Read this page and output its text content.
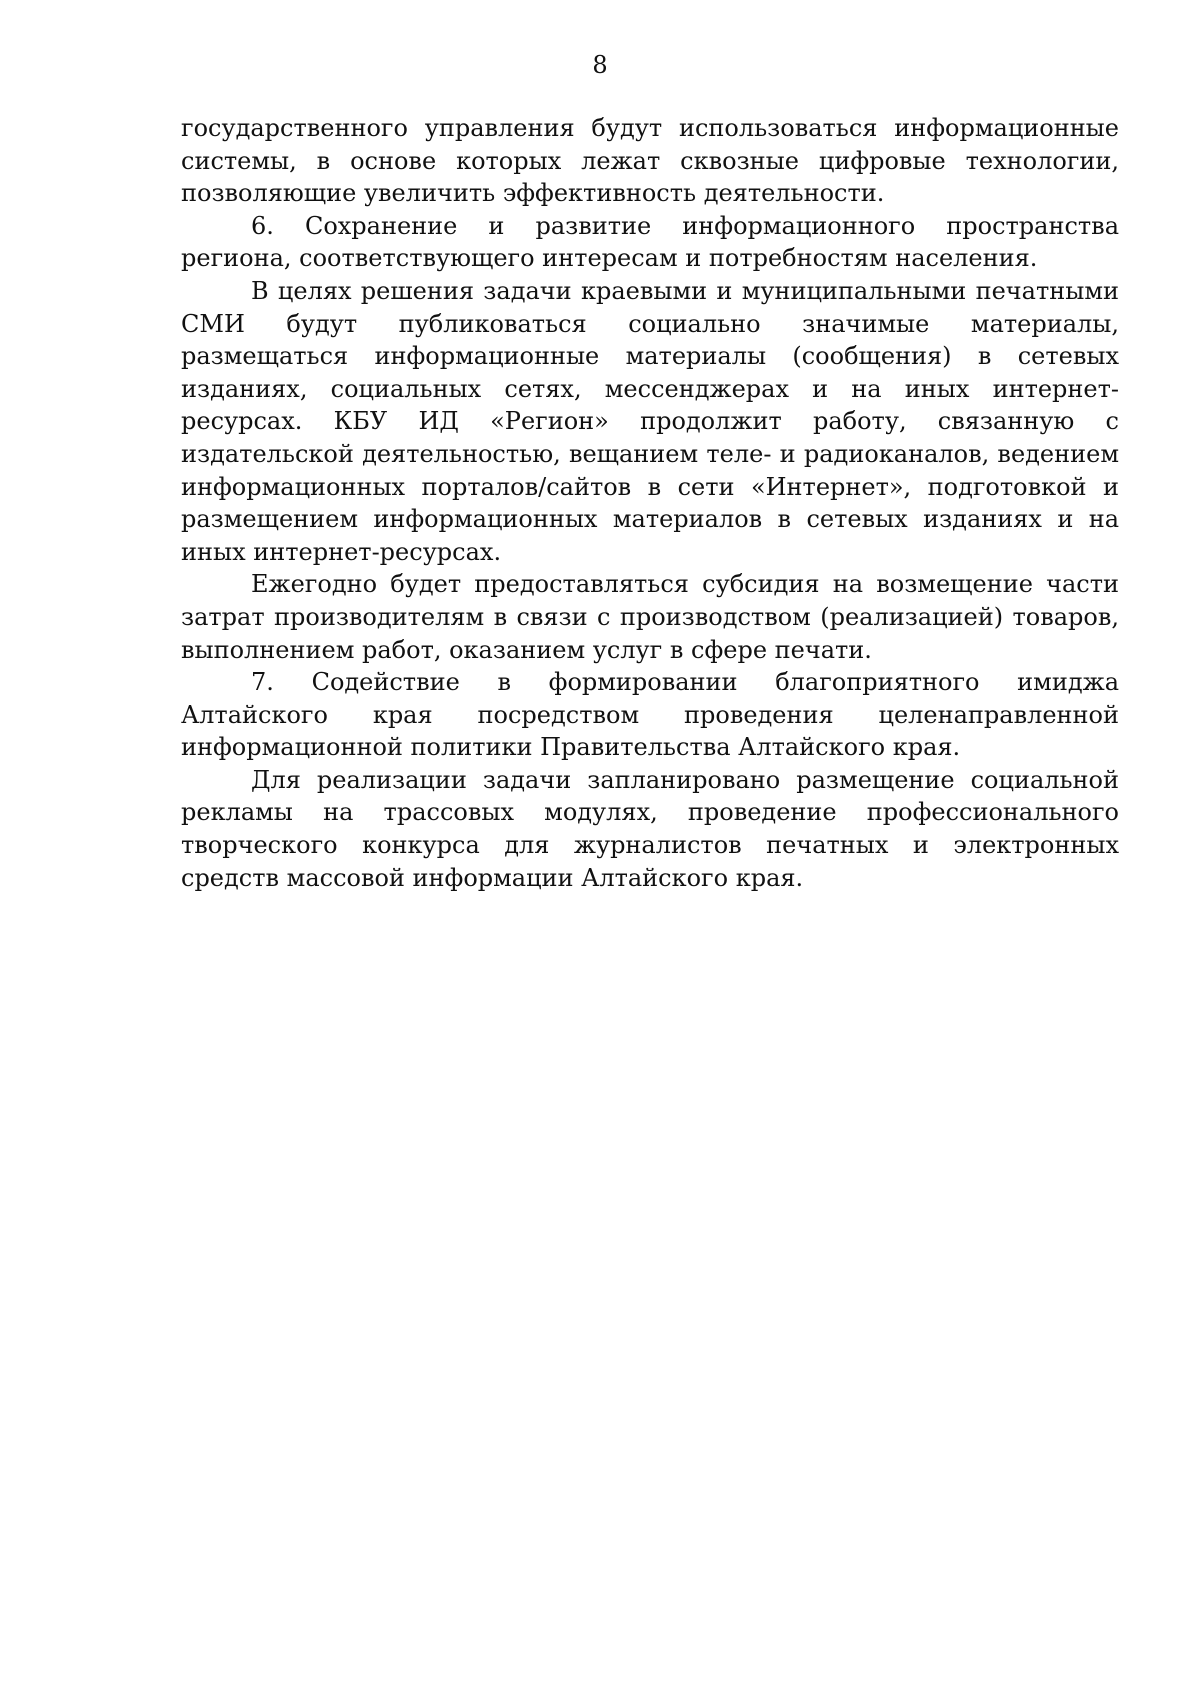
8

государственного управления будут использоваться информационные системы, в основе которых лежат сквозные цифровые технологии, позволяющие увеличить эффективность деятельности.

6. Сохранение и развитие информационного пространства региона, соответствующего интересам и потребностям населения.

В целях решения задачи краевыми и муниципальными печатными СМИ будут публиковаться социально значимые материалы, размещаться информационные материалы (сообщения) в сетевых изданиях, социальных сетях, мессенджерах и на иных интернет-ресурсах. КБУ ИД «Регион» продолжит работу, связанную с издательской деятельностью, вещанием теле- и радиоканалов, ведением информационных порталов/сайтов в сети «Интернет», подготовкой и размещением информационных материалов в сетевых изданиях и на иных интернет-ресурсах.

Ежегодно будет предоставляться субсидия на возмещение части затрат производителям в связи с производством (реализацией) товаров, выполнением работ, оказанием услуг в сфере печати.

7. Содействие в формировании благоприятного имиджа Алтайского края посредством проведения целенаправленной информационной политики Правительства Алтайского края.

Для реализации задачи запланировано размещение социальной рекламы на трассовых модулях, проведение профессионального творческого конкурса для журналистов печатных и электронных средств массовой информации Алтайского края.
